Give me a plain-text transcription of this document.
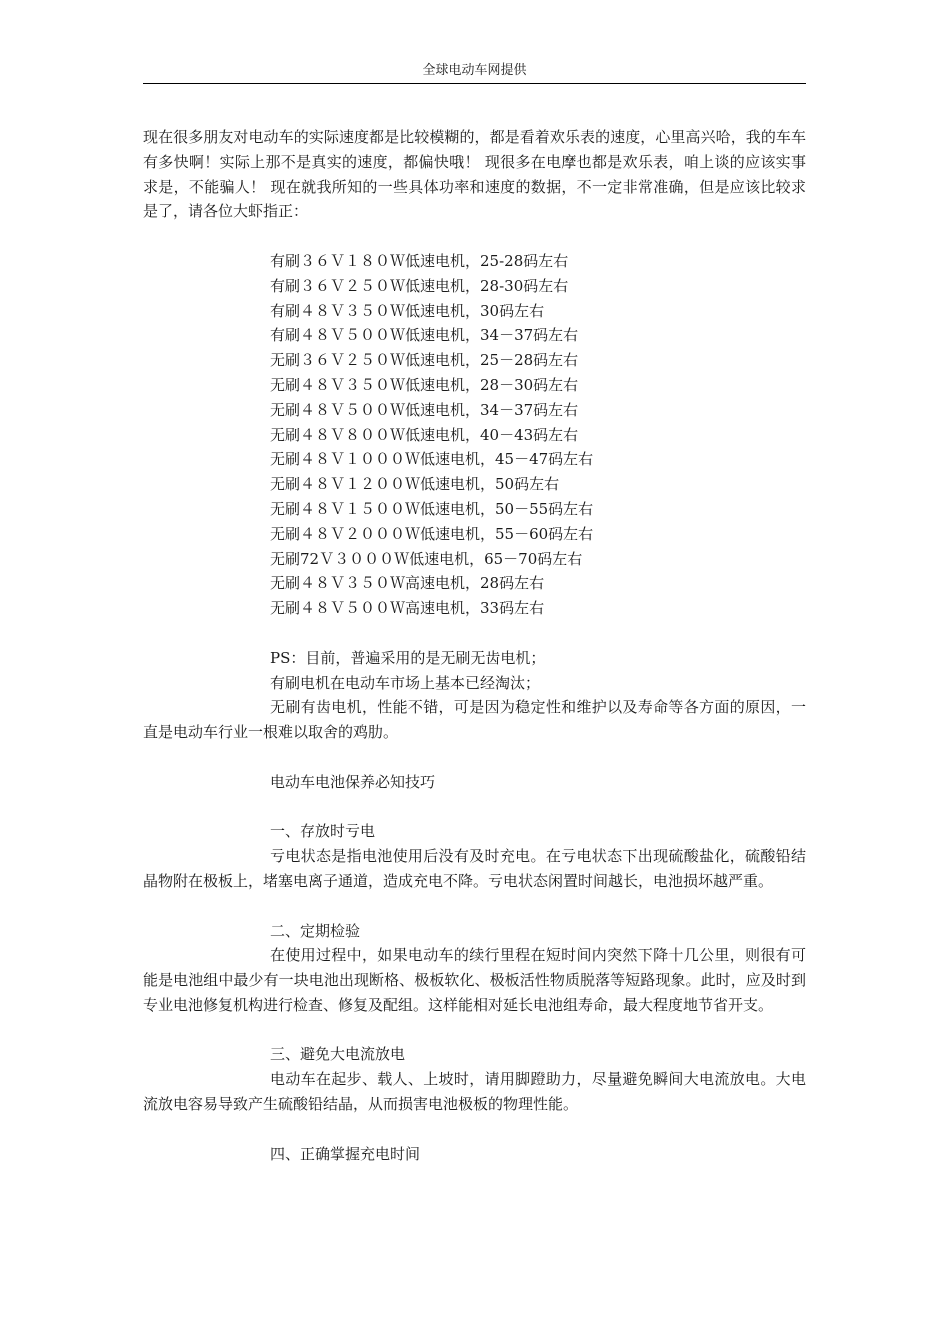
全球电动车网提供

现在很多朋友对电动车的实际速度都是比较模糊的，都是看着欢乐表的速度，心里高兴哈，我的车车有多快啊！实际上那不是真实的速度，都偏快哦！ 现很多在电摩也都是欢乐表，咱上谈的应该实事求是，不能骗人！ 现在就我所知的一些具体功率和速度的数据，不一定非常准确，但是应该比较求是了，请各位大虾指正：

有刷３６Ｖ１８０Ｗ低速电机，25-28码左右
有刷３６Ｖ２５０Ｗ低速电机，28-30码左右
有刷４８Ｖ３５０Ｗ低速电机，30码左右
有刷４８Ｖ５００Ｗ低速电机，34－37码左右
无刷３６Ｖ２５０Ｗ低速电机，25－28码左右
无刷４８Ｖ３５０Ｗ低速电机，28－30码左右
无刷４８Ｖ５００Ｗ低速电机，34－37码左右
无刷４８Ｖ８００Ｗ低速电机，40－43码左右
无刷４８Ｖ１０００Ｗ低速电机，45－47码左右
无刷４８Ｖ１２００Ｗ低速电机，50码左右
无刷４８Ｖ１５００Ｗ低速电机，50－55码左右
无刷４８Ｖ２０００Ｗ低速电机，55－60码左右
无刷72Ｖ３０００Ｗ低速电机，65－70码左右
无刷４８Ｖ３５０Ｗ高速电机，28码左右
无刷４８Ｖ５００Ｗ高速电机，33码左右

PS：目前，普遍采用的是无刷无齿电机；

有刷电机在电动车市场上基本已经淘汰；

无刷有齿电机，性能不错，可是因为稳定性和维护以及寿命等各方面的原因，一直是电动车行业一根难以取舍的鸡肋。

电动车电池保养必知技巧

一、存放时亏电

亏电状态是指电池使用后没有及时充电。在亏电状态下出现硫酸盐化，硫酸铅结晶物附在极板上，堵塞电离子通道，造成充电不降。亏电状态闲置时间越长，电池损坏越严重。

二、定期检验

在使用过程中，如果电动车的续行里程在短时间内突然下降十几公里，则很有可能是电池组中最少有一块电池出现断格、极板软化、极板活性物质脱落等短路现象。此时，应及时到专业电池修复机构进行检查、修复及配组。这样能相对延长电池组寿命，最大程度地节省开支。

三、避免大电流放电

电动车在起步、载人、上坡时，请用脚蹬助力，尽量避免瞬间大电流放电。大电流放电容易导致产生硫酸铅结晶，从而损害电池极板的物理性能。

四、正确掌握充电时间
